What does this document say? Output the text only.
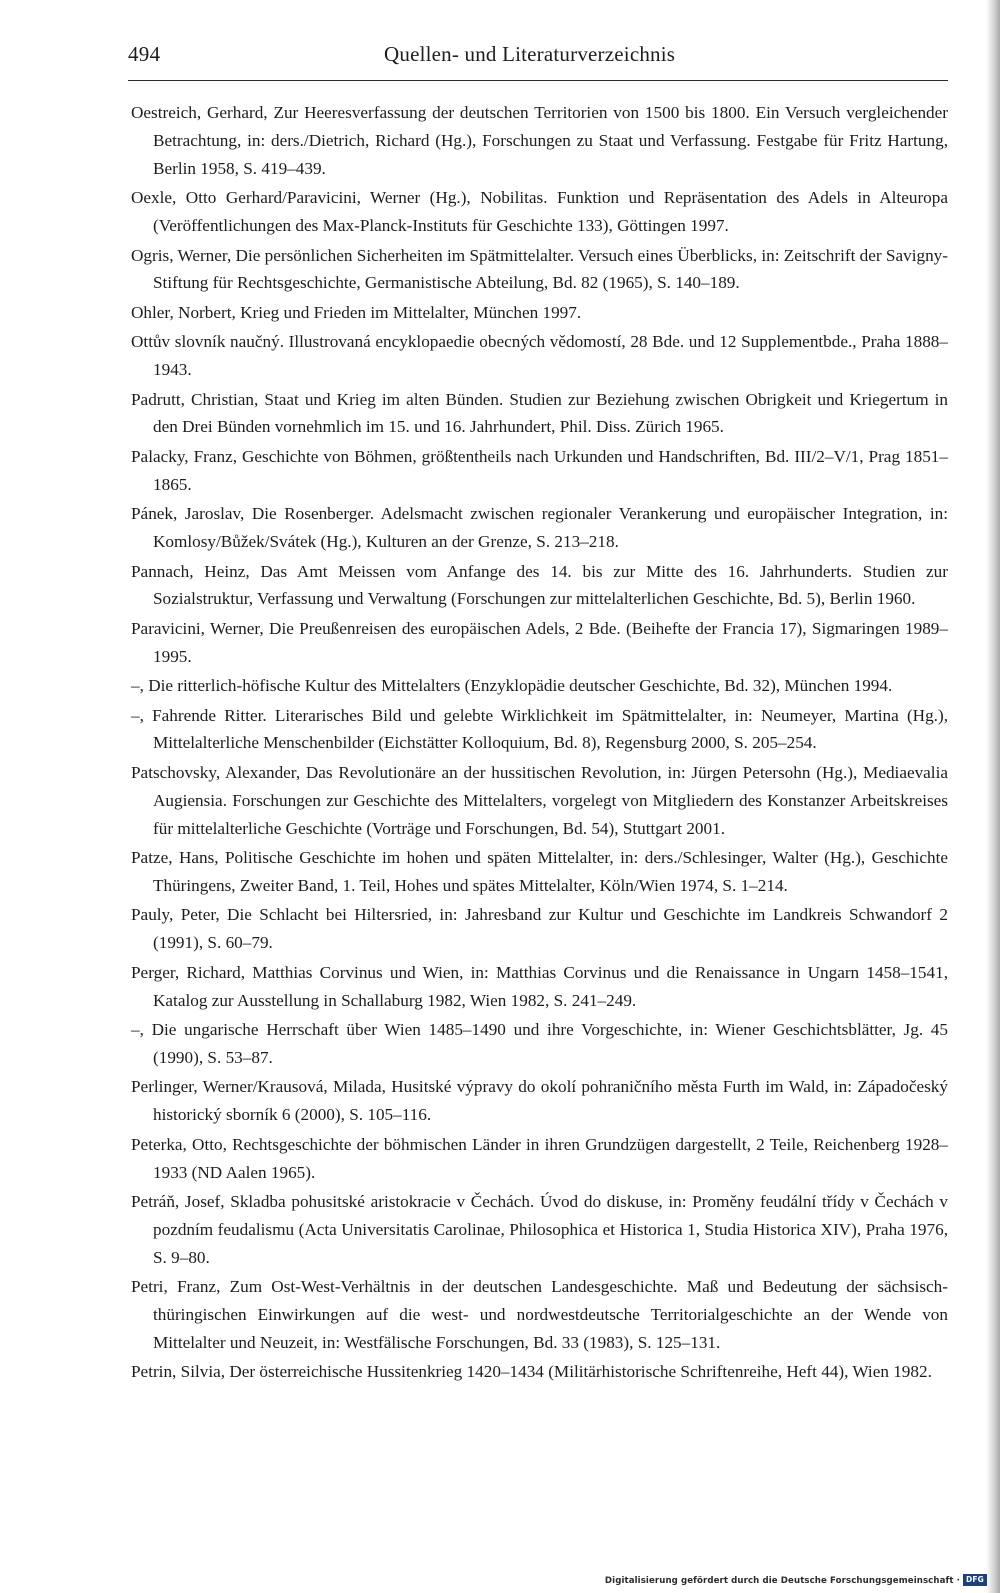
494	Quellen- und Literaturverzeichnis

Oestreich, Gerhard, Zur Heeresverfassung der deutschen Territorien von 1500 bis 1800. Ein Versuch vergleichender Betrachtung, in: ders./Dietrich, Richard (Hg.), Forschungen zu Staat und Verfassung. Festgabe für Fritz Hartung, Berlin 1958, S. 419–439.

Oexle, Otto Gerhard/Paravicini, Werner (Hg.), Nobilitas. Funktion und Repräsentation des Adels in Alteuropa (Veröffentlichungen des Max-Planck-Instituts für Geschichte 133), Göttingen 1997.

Ogris, Werner, Die persönlichen Sicherheiten im Spätmittelalter. Versuch eines Überblicks, in: Zeitschrift der Savigny-Stiftung für Rechtsgeschichte, Germanistische Abteilung, Bd. 82 (1965), S. 140–189.

Ohler, Norbert, Krieg und Frieden im Mittelalter, München 1997.

Ottův slovník naučný. Illustrovaná encyklopaedie obecných vědomostí, 28 Bde. und 12 Supplementbde., Praha 1888–1943.

Padrutt, Christian, Staat und Krieg im alten Bünden. Studien zur Beziehung zwischen Obrigkeit und Kriegertum in den Drei Bünden vornehmlich im 15. und 16. Jahrhundert, Phil. Diss. Zürich 1965.

Palacky, Franz, Geschichte von Böhmen, größtentheils nach Urkunden und Handschriften, Bd. III/2–V/1, Prag 1851–1865.

Pánek, Jaroslav, Die Rosenberger. Adelsmacht zwischen regionaler Verankerung und europäischer Integration, in: Komlosy/Bůžek/Svátek (Hg.), Kulturen an der Grenze, S. 213–218.

Pannach, Heinz, Das Amt Meissen vom Anfange des 14. bis zur Mitte des 16. Jahrhunderts. Studien zur Sozialstruktur, Verfassung und Verwaltung (Forschungen zur mittelalterlichen Geschichte, Bd. 5), Berlin 1960.

Paravicini, Werner, Die Preußenreisen des europäischen Adels, 2 Bde. (Beihefte der Francia 17), Sigmaringen 1989–1995.

–, Die ritterlich-höfische Kultur des Mittelalters (Enzyklopädie deutscher Geschichte, Bd. 32), München 1994.

–, Fahrende Ritter. Literarisches Bild und gelebte Wirklichkeit im Spätmittelalter, in: Neumeyer, Martina (Hg.), Mittelalterliche Menschenbilder (Eichstätter Kolloquium, Bd. 8), Regensburg 2000, S. 205–254.

Patschovsky, Alexander, Das Revolutionäre an der hussitischen Revolution, in: Jürgen Petersohn (Hg.), Mediaevalia Augiensia. Forschungen zur Geschichte des Mittelalters, vorgelegt von Mitgliedern des Konstanzer Arbeitskreises für mittelalterliche Geschichte (Vorträge und Forschungen, Bd. 54), Stuttgart 2001.

Patze, Hans, Politische Geschichte im hohen und späten Mittelalter, in: ders./Schlesinger, Walter (Hg.), Geschichte Thüringens, Zweiter Band, 1. Teil, Hohes und spätes Mittelalter, Köln/Wien 1974, S. 1–214.

Pauly, Peter, Die Schlacht bei Hiltersried, in: Jahresband zur Kultur und Geschichte im Landkreis Schwandorf 2 (1991), S. 60–79.

Perger, Richard, Matthias Corvinus und Wien, in: Matthias Corvinus und die Renaissance in Ungarn 1458–1541, Katalog zur Ausstellung in Schallaburg 1982, Wien 1982, S. 241–249.

–, Die ungarische Herrschaft über Wien 1485–1490 und ihre Vorgeschichte, in: Wiener Geschichtsblätter, Jg. 45 (1990), S. 53–87.

Perlinger, Werner/Krausová, Milada, Husitské výpravy do okolí pohraničního města Furth im Wald, in: Západočeský historický sborník 6 (2000), S. 105–116.

Peterka, Otto, Rechtsgeschichte der böhmischen Länder in ihren Grundzügen dargestellt, 2 Teile, Reichenberg 1928–1933 (ND Aalen 1965).

Petráň, Josef, Skladba pohusitské aristokracie v Čechách. Úvod do diskuse, in: Proměny feudální třídy v Čechách v pozdním feudalismu (Acta Universitatis Carolinae, Philosophica et Historica 1, Studia Historica XIV), Praha 1976, S. 9–80.

Petri, Franz, Zum Ost-West-Verhältnis in der deutschen Landesgeschichte. Maß und Bedeutung der sächsisch-thüringischen Einwirkungen auf die west- und nordwestdeutsche Territorialgeschichte an der Wende von Mittelalter und Neuzeit, in: Westfälische Forschungen, Bd. 33 (1983), S. 125–131.

Petrin, Silvia, Der österreichische Hussitenkrieg 1420–1434 (Militärhistorische Schriftenreihe, Heft 44), Wien 1982.

Digitalisierung gefördert durch die Deutsche Forschungsgemeinschaft · DFG
